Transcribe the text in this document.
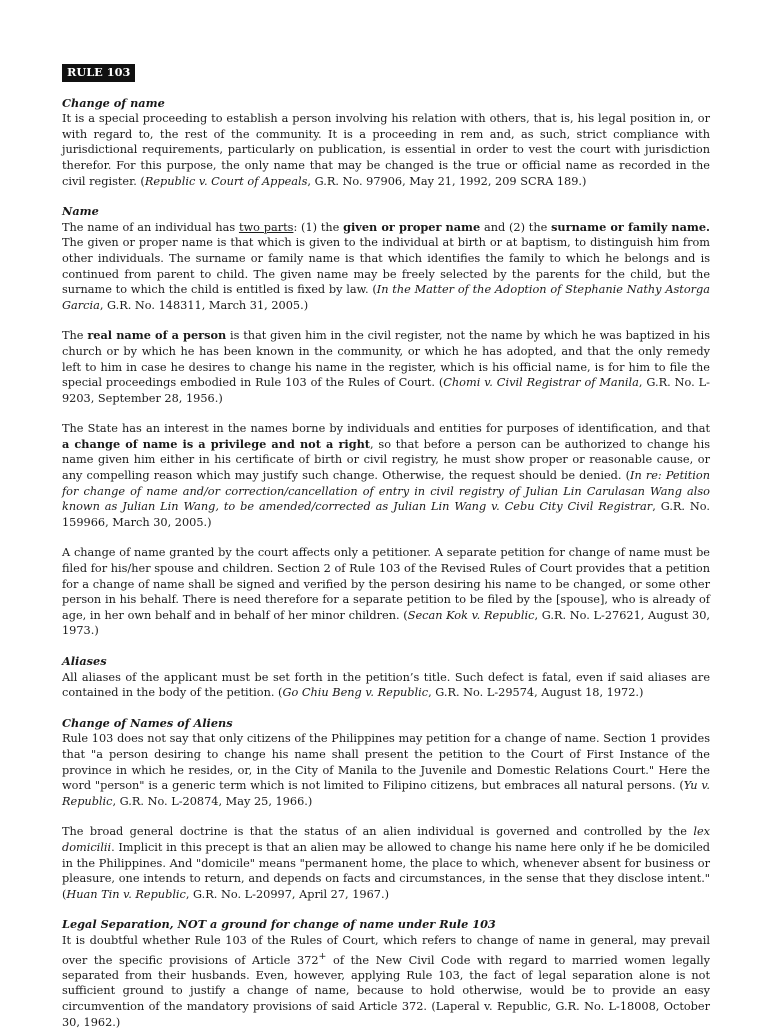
RULE 103
Change of name

It is a special proceeding to establish a person involving his relation with others, that is, his legal position in, or with regard to, the rest of the community. It is a proceeding in rem and, as such, strict compliance with jurisdictional requirements, particularly on publication, is essential in order to vest the court with jurisdiction therefor. For this purpose, the only name that may be changed is the true or official name as recorded in the civil register. (Republic v. Court of Appeals, G.R. No. 97906, May 21, 1992, 209 SCRA 189.)

Name

The name of an individual has two parts: (1) the given or proper name and (2) the surname or family name. The given or proper name is that which is given to the individual at birth or at baptism, to distinguish him from other individuals. The surname or family name is that which identifies the family to which he belongs and is continued from parent to child. The given name may be freely selected by the parents for the child, but the surname to which the child is entitled is fixed by law. (In the Matter of the Adoption of Stephanie Nathy Astorga Garcia, G.R. No. 148311, March 31, 2005.)

The real name of a person is that given him in the civil register, not the name by which he was baptized in his church or by which he has been known in the community, or which he has adopted, and that the only remedy left to him in case he desires to change his name in the register, which is his official name, is for him to file the special proceedings embodied in Rule 103 of the Rules of Court. (Chomi v. Civil Registrar of Manila, G.R. No. L-9203, September 28, 1956.)

The State has an interest in the names borne by individuals and entities for purposes of identification, and that a change of name is a privilege and not a right, so that before a person can be authorized to change his name given him either in his certificate of birth or civil registry, he must show proper or reasonable cause, or any compelling reason which may justify such change. Otherwise, the request should be denied. (In re: Petition for change of name and/or correction/cancellation of entry in civil registry of Julian Lin Carulasan Wang also known as Julian Lin Wang, to be amended/corrected as Julian Lin Wang v. Cebu City Civil Registrar, G.R. No. 159966, March 30, 2005.)

A change of name granted by the court affects only a petitioner. A separate petition for change of name must be filed for his/her spouse and children. Section 2 of Rule 103 of the Revised Rules of Court provides that a petition for a change of name shall be signed and verified by the person desiring his name to be changed, or some other person in his behalf. There is need therefore for a separate petition to be filed by the [spouse], who is already of age, in her own behalf and in behalf of her minor children. (Secan Kok v. Republic, G.R. No. L-27621, August 30, 1973.)

Aliases

All aliases of the applicant must be set forth in the petition’s title. Such defect is fatal, even if said aliases are contained in the body of the petition. (Go Chiu Beng v. Republic, G.R. No. L-29574, August 18, 1972.)

Change of Names of Aliens

Rule 103 does not say that only citizens of the Philippines may petition for a change of name. Section 1 provides that "a person desiring to change his name shall present the petition to the Court of First Instance of the province in which he resides, or, in the City of Manila to the Juvenile and Domestic Relations Court." Here the word "person" is a generic term which is not limited to Filipino citizens, but embraces all natural persons. (Yu v. Republic, G.R. No. L-20874, May 25, 1966.)

The broad general doctrine is that the status of an alien individual is governed and controlled by the lex domicilii. Implicit in this precept is that an alien may be allowed to change his name here only if he be domiciled in the Philippines. And "domicile" means "permanent home, the place to which, whenever absent for business or pleasure, one intends to return, and depends on facts and circumstances, in the sense that they disclose intent." (Huan Tin v. Republic, G.R. No. L-20997, April 27, 1967.)

Legal Separation, NOT a ground for change of name under Rule 103

It is doubtful whether Rule 103 of the Rules of Court, which refers to change of name in general, may prevail over the specific provisions of Article 372+ of the New Civil Code with regard to married women legally separated from their husbands. Even, however, applying Rule 103, the fact of legal separation alone is not sufficient ground to justify a change of name, because to hold otherwise, would be to provide an easy circumvention of the mandatory provisions of said Article 372. (Laperal v. Republic, G.R. No. L-18008, October 30, 1962.)
